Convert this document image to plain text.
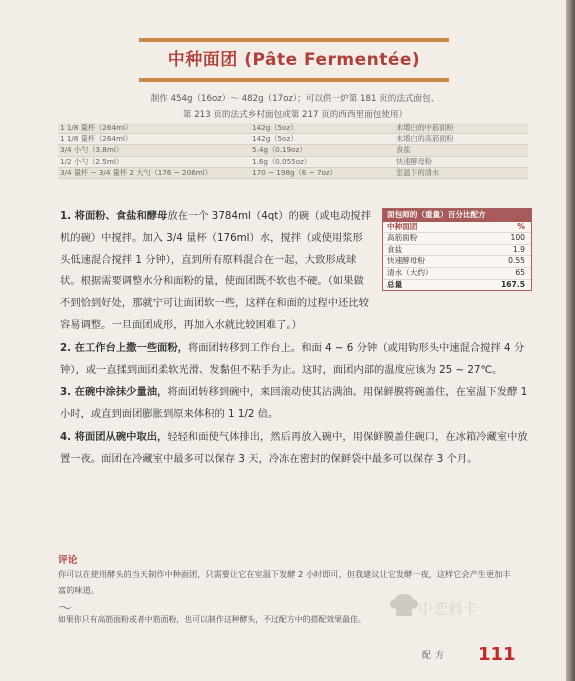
中种面团 (Pâte Fermentée)
制作 454g（16oz）～ 482g（17oz）；可以供一炉第 181 页的法式面包、
第 213 页的法式乡村面包或第 217 页的西西里面包使用）
1 1/8 量杯（264ml）	142g（5oz）	未增白的中筋面粉
1 1/8 量杯（264ml）	142g（5oz）	未增白的高筋面粉
3/4 小勺（3.8ml）	5.4g（0.19oz）	食盐
1/2 小勺（2.5ml）	1.6g（0.055oz）	快速酵母粉
3/4 量杯 ~ 3/4 量杯 2 大勺（176 ~ 206ml）	170 ~ 198g（6 ~ 7oz）	室温下的清水

面包师的（重量）百分比配方
中种面团	%
高筋面粉	100
食盐	1.9
快速酵母粉	0.55
清水（大约）	65
总量	167.5
1. 将面粉、食盐和酵母放在一个 3784ml（4qt）的碗（或电动搅拌机的碗）中搅拌。加入 3/4 量杯（176ml）水，搅拌（或使用浆形头低速混合搅拌 1 分钟），直到所有原料混合在一起，大致形成球状。根据需要调整水分和面粉的量，使面团既不软也不硬。（如果做不到恰到好处，那就宁可让面团软一些，这样在和面的过程中还比较容易调整。一旦面团成形，再加入水就比较困难了。）

2. 在工作台上撒一些面粉，将面团转移到工作台上。和面 4 ~ 6 分钟（或用钩形头中速混合搅拌 4 分钟），或一直揉到面团柔软光滑、发黏但不粘手为止。这时，面团内部的温度应该为 25 ~ 27℃。

3. 在碗中涂抹少量油，将面团转移到碗中，来回滚动使其沾满油。用保鲜膜将碗盖住，在室温下发酵 1 小时，或直到面团膨胀到原来体积的 1 1/2 倍。

4. 将面团从碗中取出，轻轻和面使气体排出，然后再放入碗中，用保鲜膜盖住碗口，在冰箱冷藏室中放置一夜。面团在冷藏室中最多可以保存 3 天，冷冻在密封的保鲜袋中最多可以保存 3 个月。

评论
你可以在使用酵头的当天制作中种面团，只需要让它在室温下发酵 2 小时即可，但我建议让它发酵一夜，这样它会产生更加丰富的味道。
～
如果你只有高筋面粉或者中筋面粉，也可以制作这种酵头，不过配方中的搭配效果最佳。
中恋料卡
配方 111
